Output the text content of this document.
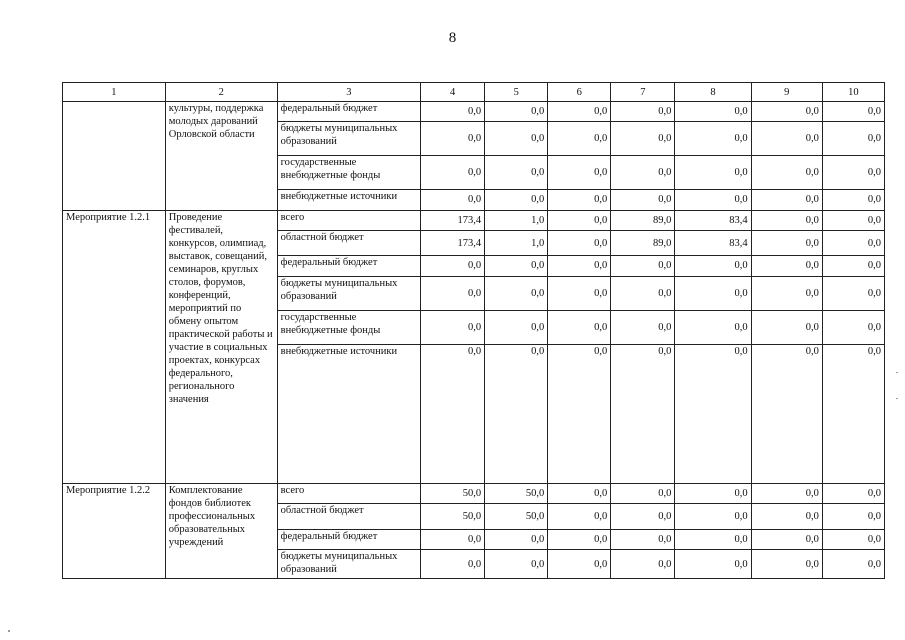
8
1	2	3	4	5	6	7	8	9	10
	культуры, поддержка молодых дарований Орловской области	федеральный бюджет	0,0	0,0	0,0	0,0	0,0	0,0	0,0
		бюджеты муниципальных образований	0,0	0,0	0,0	0,0	0,0	0,0	0,0
		государственные внебюджетные фонды	0,0	0,0	0,0	0,0	0,0	0,0	0,0
		внебюджетные источники	0,0	0,0	0,0	0,0	0,0	0,0	0,0
Мероприятие 1.2.1	Проведение фестивалей, конкурсов, олимпиад, выставок, совещаний, семинаров, круглых столов, форумов, конференций, мероприятий по обмену опытом практической работы и участие в социальных проектах, конкурсах федерального, регионального значения	всего	173,4	1,0	0,0	89,0	83,4	0,0	0,0
		областной бюджет	173,4	1,0	0,0	89,0	83,4	0,0	0,0
		федеральный бюджет	0,0	0,0	0,0	0,0	0,0	0,0	0,0
		бюджеты муниципальных образований	0,0	0,0	0,0	0,0	0,0	0,0	0,0
		государственные внебюджетные фонды	0,0	0,0	0,0	0,0	0,0	0,0	0,0
		внебюджетные источники	0,0	0,0	0,0	0,0	0,0	0,0	0,0
Мероприятие 1.2.2	Комплектование фондов библиотек профессиональных образовательных учреждений	всего	50,0	50,0	0,0	0,0	0,0	0,0	0,0
		областной бюджет	50,0	50,0	0,0	0,0	0,0	0,0	0,0
		федеральный бюджет	0,0	0,0	0,0	0,0	0,0	0,0	0,0
		бюджеты муниципальных образований	0,0	0,0	0,0	0,0	0,0	0,0	0,0
